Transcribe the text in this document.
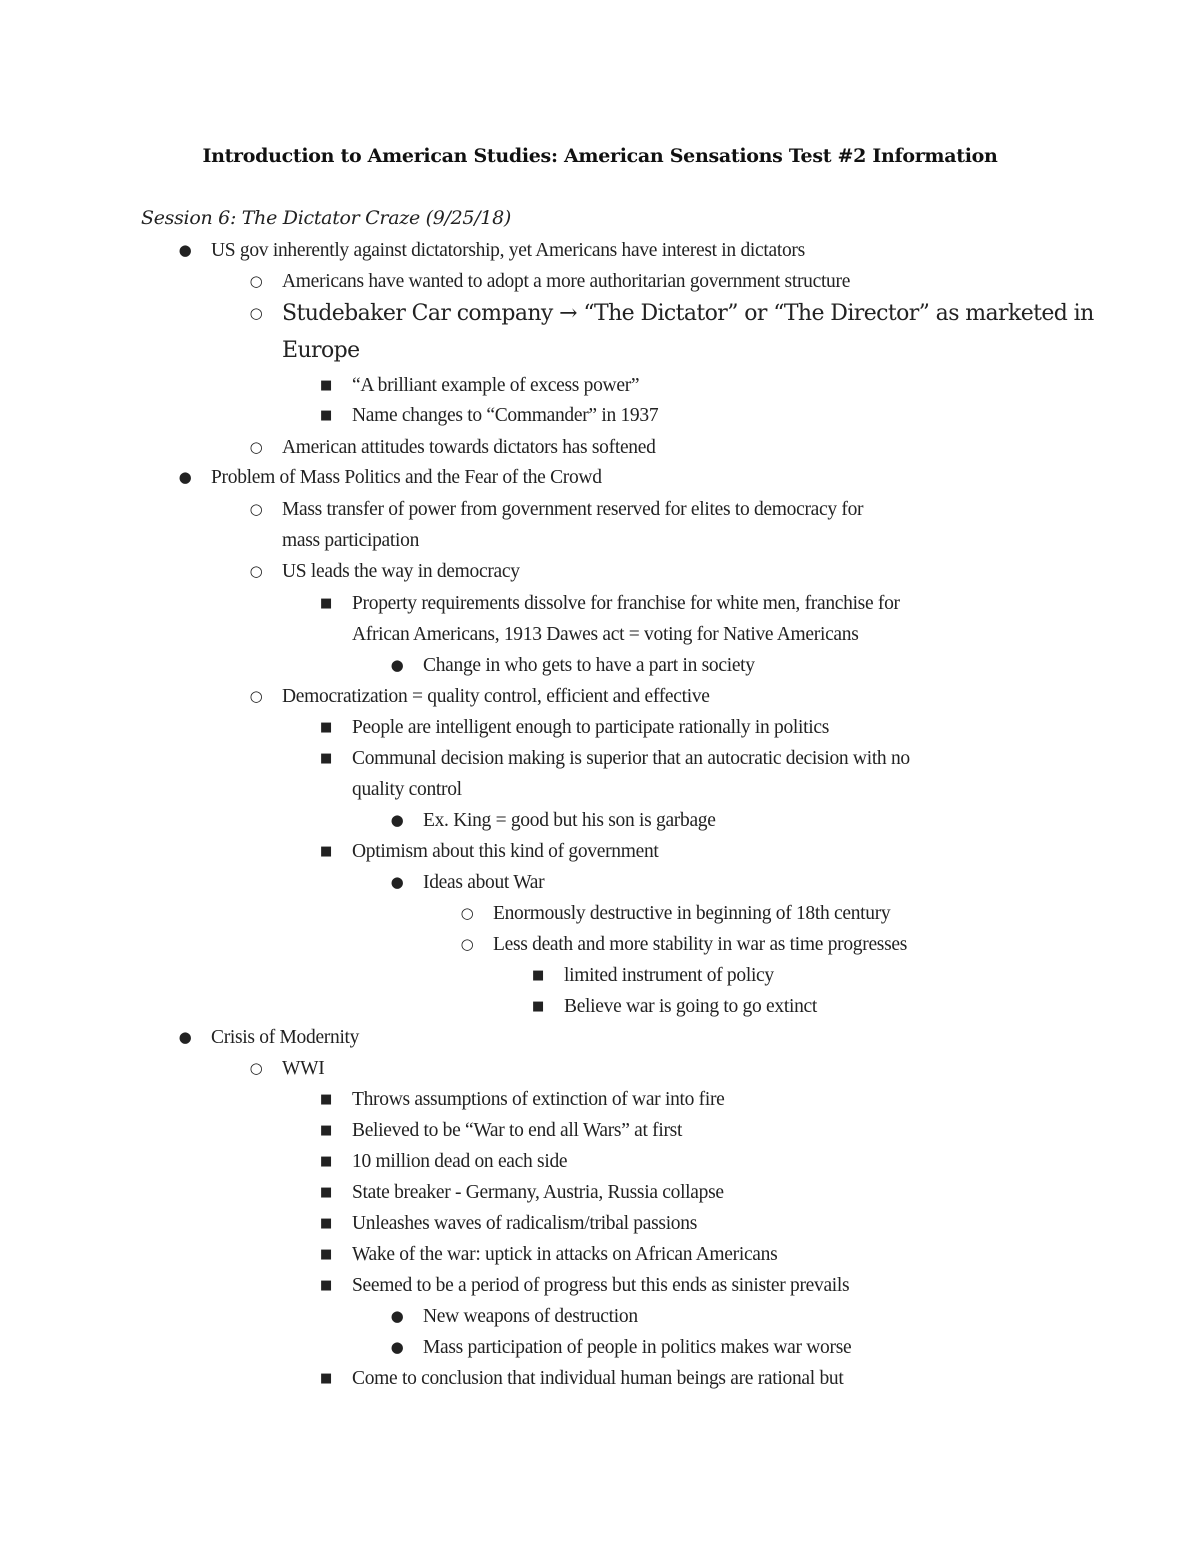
Introduction to American Studies: American Sensations Test #2 Information
Session 6: The Dictator Craze (9/25/18)
● US gov inherently against dictatorship, yet Americans have interest in dictators
○ Americans have wanted to adopt a more authoritarian government structure
○ Studebaker Car company → “The Dictator” or “The Director” as marketed in
Europe
■ “A brilliant example of excess power”
■ Name changes to “Commander” in 1937
○ American attitudes towards dictators has softened
● Problem of Mass Politics and the Fear of the Crowd
○ Mass transfer of power from government reserved for elites to democracy for
mass participation
○ US leads the way in democracy
■ Property requirements dissolve for franchise for white men, franchise for
African Americans, 1913 Dawes act = voting for Native Americans
● Change in who gets to have a part in society
○ Democratization = quality control, efficient and effective
■ People are intelligent enough to participate rationally in politics
■ Communal decision making is superior that an autocratic decision with no
quality control
● Ex. King = good but his son is garbage
■ Optimism about this kind of government
● Ideas about War
○ Enormously destructive in beginning of 18th century
○ Less death and more stability in war as time progresses
■ limited instrument of policy
■ Believe war is going to go extinct
● Crisis of Modernity
○ WWI
■ Throws assumptions of extinction of war into fire
■ Believed to be “War to end all Wars” at first
■ 10 million dead on each side
■ State breaker - Germany, Austria, Russia collapse
■ Unleashes waves of radicalism/tribal passions
■ Wake of the war: uptick in attacks on African Americans
■ Seemed to be a period of progress but this ends as sinister prevails
● New weapons of destruction
● Mass participation of people in politics makes war worse
■ Come to conclusion that individual human beings are rational but
